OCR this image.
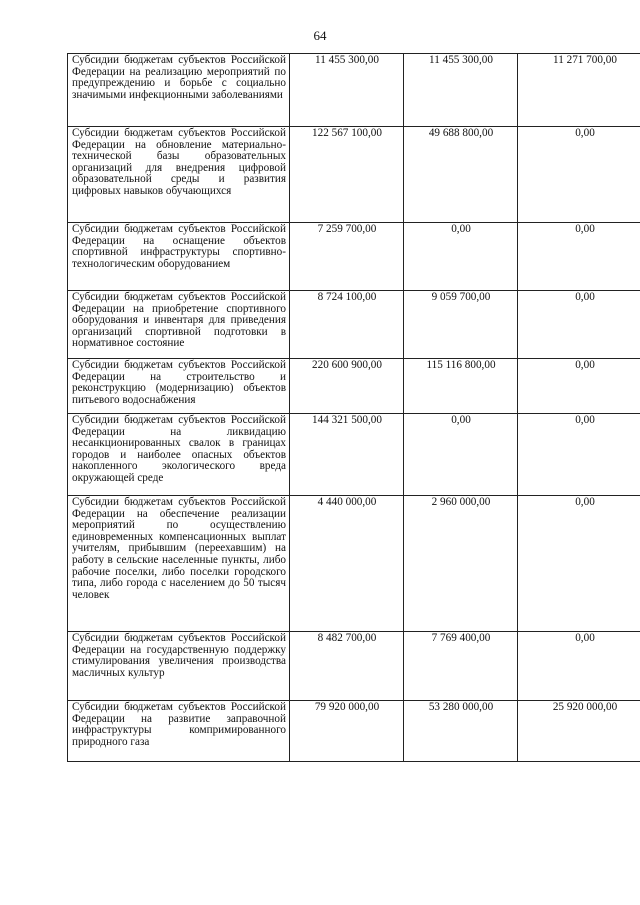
64
Субсидии бюджетам субъектов Российской Федерации на реализацию мероприятий по предупреждению и борьбе с социально значимыми инфекционными заболеваниями	11 455 300,00	11 455 300,00	11 271 700,00
Субсидии бюджетам субъектов Российской Федерации на обновление материально-технической базы образовательных организаций для внедрения цифровой образовательной среды и развития цифровых навыков обучающихся	122 567 100,00	49 688 800,00	0,00
Субсидии бюджетам субъектов Российской Федерации на оснащение объектов спортивной инфраструктуры спортивно-технологическим оборудованием	7 259 700,00	0,00	0,00
Субсидии бюджетам субъектов Российской Федерации на приобретение спортивного оборудования и инвентаря для приведения организаций спортивной подготовки в нормативное состояние	8 724 100,00	9 059 700,00	0,00
Субсидии бюджетам субъектов Российской Федерации на строительство и реконструкцию (модернизацию) объектов питьевого водоснабжения	220 600 900,00	115 116 800,00	0,00
Субсидии бюджетам субъектов Российской Федерации на ликвидацию несанкционированных свалок в границах городов и наиболее опасных объектов накопленного экологического вреда окружающей среде	144 321 500,00	0,00	0,00
Субсидии бюджетам субъектов Российской Федерации на обеспечение реализации мероприятий по осуществлению единовременных компенсационных выплат учителям, прибывшим (переехавшим) на работу в сельские населенные пункты, либо рабочие поселки, либо поселки городского типа, либо города с населением до 50 тысяч человек	4 440 000,00	2 960 000,00	0,00
Субсидии бюджетам субъектов Российской Федерации на государственную поддержку стимулирования увеличения производства масличных культур	8 482 700,00	7 769 400,00	0,00
Субсидии бюджетам субъектов Российской Федерации на развитие заправочной инфраструктуры компримированного природного газа	79 920 000,00	53 280 000,00	25 920 000,00
